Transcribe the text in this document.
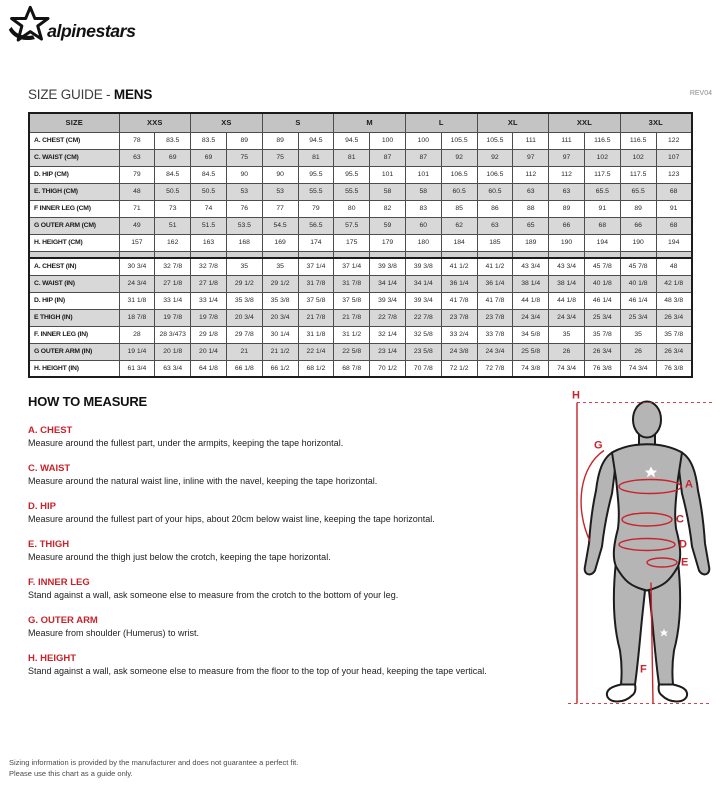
alpinestars
SIZE GUIDE - MENS	REV04
SIZE	XXS		XS		S		M		L		XL		XXL		3XL	
A. CHEST (CM)	78	83.5	83.5	89	89	94.5	94.5	100	100	105.5	105.5	111	111	116.5	116.5	122
C. WAIST (CM)	63	69	69	75	75	81	81	87	87	92	92	97	97	102	102	107
D. HIP (CM)	79	84.5	84.5	90	90	95.5	95.5	101	101	106.5	106.5	112	112	117.5	117.5	123
E. THIGH (CM)	48	50.5	50.5	53	53	55.5	55.5	58	58	60.5	60.5	63	63	65.5	65.5	68
F INNER LEG (CM)	71	73	74	76	77	79	80	82	83	85	86	88	89	91	89	91
G OUTER ARM (CM)	49	51	51.5	53.5	54.5	56.5	57.5	59	60	62	63	65	66	68	66	68
H. HEIGHT (CM)	157	162	163	168	169	174	175	179	180	184	185	189	190	194	190	194

A. CHEST (IN)	30 3/4	32 7/8	32 7/8	35	35	37 1/4	37 1/4	39 3/8	39 3/8	41 1/2	41 1/2	43 3/4	43 3/4	45 7/8	45 7/8	48
C. WAIST (IN)	24 3/4	27 1/8	27 1/8	29 1/2	29 1/2	31 7/8	31 7/8	34 1/4	34 1/4	36 1/4	36 1/4	38 1/4	38 1/4	40 1/8	40 1/8	42 1/8
D. HIP (IN)	31 1/8	33 1/4	33 1/4	35 3/8	35 3/8	37 5/8	37 5/8	39 3/4	39 3/4	41 7/8	41 7/8	44 1/8	44 1/8	46 1/4	46 1/4	48 3/8
E THIGH (IN)	18 7/8	19 7/8	19 7/8	20 3/4	20 3/4	21 7/8	21 7/8	22 7/8	22 7/8	23 7/8	23 7/8	24 3/4	24 3/4	25 3/4	25 3/4	26 3/4
F. INNER LEG (IN)	28	28 3/473	29 1/8	29 7/8	30 1/4	31 1/8	31 1/2	32 1/4	32 5/8	33 2/4	33 7/8	34 5/8	35	35 7/8	35	35 7/8
G OUTER ARM (IN)	19 1/4	20 1/8	20 1/4	21	21 1/2	22 1/4	22 5/8	23 1/4	23 5/8	24 3/8	24 3/4	25 5/8	26	26 3/4	26	26 3/4
H. HEIGHT (IN)	61 3/4	63 3/4	64 1/8	66 1/8	66 1/2	68 1/2	68 7/8	70 1/2	70 7/8	72 1/2	72 7/8	74 3/8	74 3/4	76 3/8	74 3/4	76 3/8
HOW TO MEASURE
A. CHEST

Measure around the fullest part, under the armpits, keeping the tape horizontal.

C. WAIST

Measure around the natural waist line, inline with the navel, keeping the tape horizontal.

D. HIP

Measure around the fullest part of your hips, about 20cm below waist line, keeping the tape horizontal.

E. THIGH

Measure around the thigh just below the crotch, keeping the tape horizontal.

F. INNER LEG

Stand against a wall, ask someone else to measure from the crotch to the bottom of your leg.

G. OUTER ARM

Measure from shoulder (Humerus) to wrist.

H. HEIGHT

Stand against a wall, ask someone else to measure from the floor to the top of your head, keeping the tape vertical.

H
G
A
C
D
E
F

Sizing information is provided by the manufacturer and does not guarantee a perfect fit.

Please use this chart as a guide only.
